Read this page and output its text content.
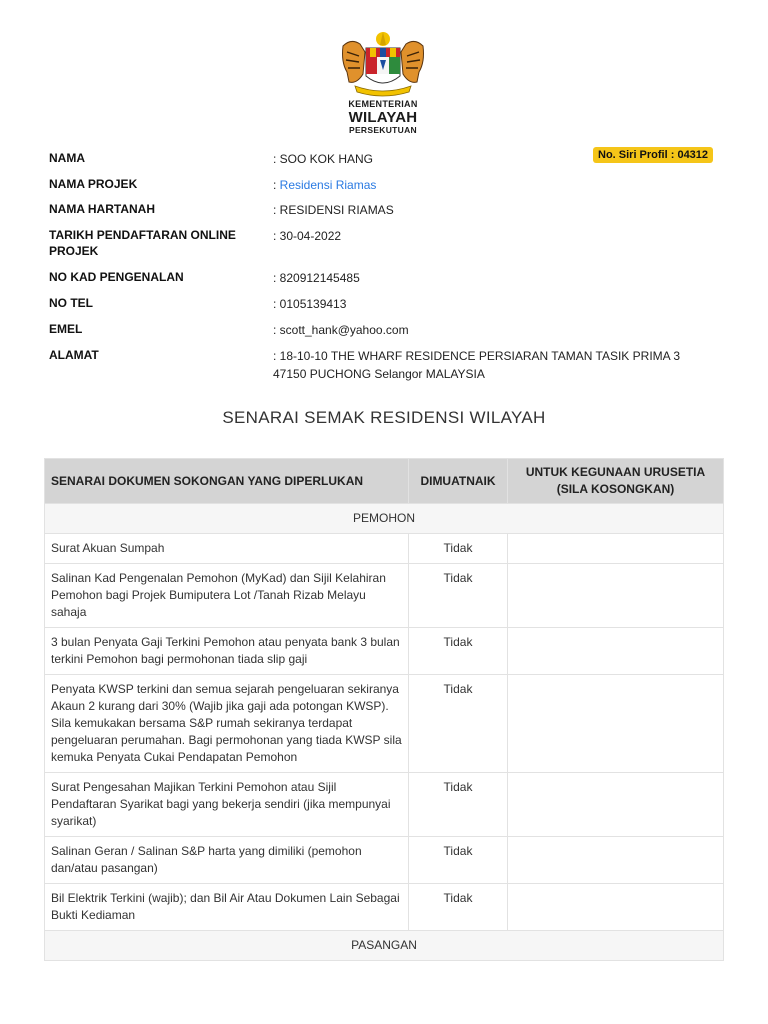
KEMENTERIAN
WILAYAH
PERSEKUTUAN
No. Siri Profil : 04312
NAMA	: SOO KOK HANG
NAMA PROJEK	: Residensi Riamas
NAMA HARTANAH	: RESIDENSI RIAMAS
TARIKH PENDAFTARAN ONLINE PROJEK
: 30-04-2022
NO KAD PENGENALAN	: 820912145485
NO TEL	: 0105139413
EMEL	: scott_hank@yahoo.com
ALAMAT	: 18-10-10 THE WHARF RESIDENCE PERSIARAN TAMAN TASIK PRIMA 3 47150 PUCHONG Selangor MALAYSIA
SENARAI SEMAK RESIDENSI WILAYAH
SENARAI DOKUMEN SOKONGAN YANG DIPERLUKAN	DIMUATNAIK	UNTUK KEGUNAAN URUSETIA (SILA KOSONGKAN)
PEMOHON		
Surat Akuan Sumpah	Tidak	
Salinan Kad Pengenalan Pemohon (MyKad) dan Sijil Kelahiran Pemohon bagi Projek Bumiputera Lot /Tanah Rizab Melayu sahaja	Tidak	
3 bulan Penyata Gaji Terkini Pemohon atau penyata bank 3 bulan terkini Pemohon bagi permohonan tiada slip gaji	Tidak	
Penyata KWSP terkini dan semua sejarah pengeluaran sekiranya Akaun 2 kurang dari 30% (Wajib jika gaji ada potongan KWSP). Sila kemukakan bersama S&P rumah sekiranya terdapat pengeluaran perumahan. Bagi permohonan yang tiada KWSP sila kemuka Penyata Cukai Pendapatan Pemohon	Tidak	
Surat Pengesahan Majikan Terkini Pemohon atau Sijil Pendaftaran Syarikat bagi yang bekerja sendiri (jika mempunyai syarikat)	Tidak	
Salinan Geran / Salinan S&P harta yang dimiliki (pemohon dan/atau pasangan)	Tidak	
Bil Elektrik Terkini (wajib); dan Bil Air Atau Dokumen Lain Sebagai Bukti Kediaman	Tidak	
PASANGAN		
